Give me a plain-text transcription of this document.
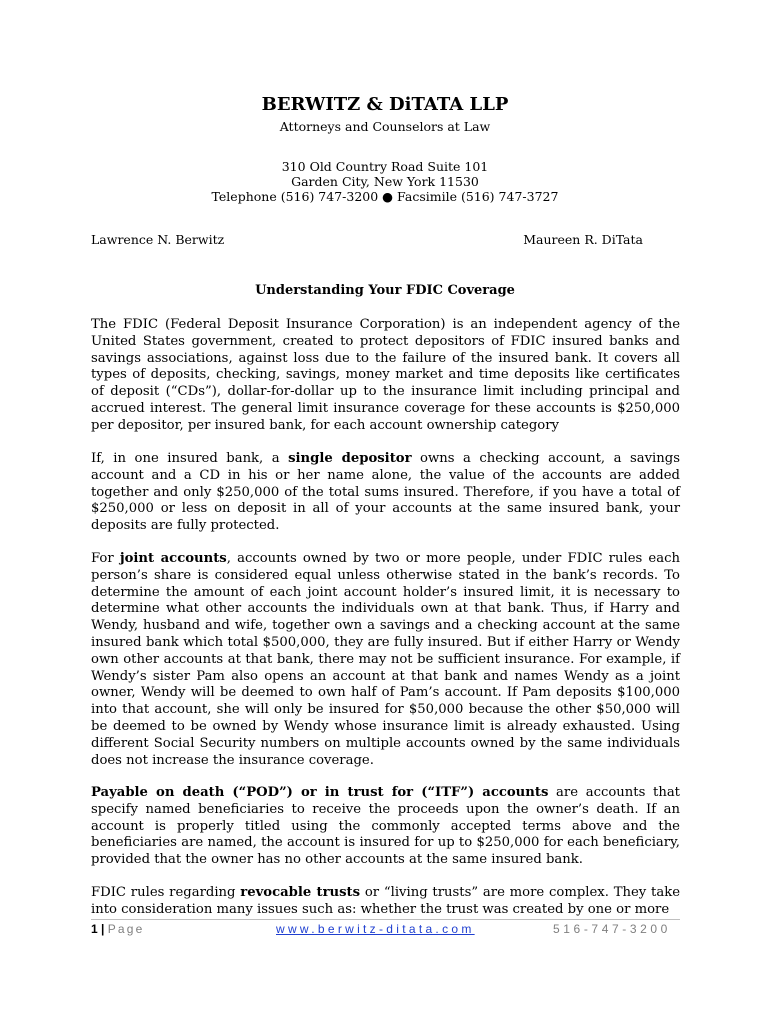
BERWITZ & DiTATA LLP

Attorneys and Counselors at Law

310 Old Country Road Suite 101

Garden City, New York 11530

Telephone (516) 747-3200 ● Facsimile (516) 747-3727

Lawrence N. Berwitz	Maureen R. DiTata

Understanding Your FDIC Coverage

The FDIC (Federal Deposit Insurance Corporation) is an independent agency of the United States government, created to protect depositors of FDIC insured banks and savings associations, against loss due to the failure of the insured bank. It covers all types of deposits, checking, savings, money market and time deposits like certificates of deposit (“CDs”), dollar-for-dollar up to the insurance limit including principal and accrued interest. The general limit insurance coverage for these accounts is $250,000 per depositor, per insured bank, for each account ownership category

If, in one insured bank, a single depositor owns a checking account, a savings account and a CD in his or her name alone, the value of the accounts are added together and only $250,000 of the total sums insured. Therefore, if you have a total of $250,000 or less on deposit in all of your accounts at the same insured bank, your deposits are fully protected.

For joint accounts, accounts owned by two or more people, under FDIC rules each person’s share is considered equal unless otherwise stated in the bank’s records. To determine the amount of each joint account holder’s insured limit, it is necessary to determine what other accounts the individuals own at that bank. Thus, if Harry and Wendy, husband and wife, together own a savings and a checking account at the same insured bank which total $500,000, they are fully insured. But if either Harry or Wendy own other accounts at that bank, there may not be sufficient insurance. For example, if Wendy’s sister Pam also opens an account at that bank and names Wendy as a joint owner, Wendy will be deemed to own half of Pam’s account. If Pam deposits $100,000 into that account, she will only be insured for $50,000 because the other $50,000 will be deemed to be owned by Wendy whose insurance limit is already exhausted. Using different Social Security numbers on multiple accounts owned by the same individuals does not increase the insurance coverage.

Payable on death (“POD”) or in trust for (“ITF”) accounts are accounts that specify named beneficiaries to receive the proceeds upon the owner’s death. If an account is properly titled using the commonly accepted terms above and the beneficiaries are named, the account is insured for up to $250,000 for each beneficiary, provided that the owner has no other accounts at the same insured bank.

FDIC rules regarding revocable trusts or “living trusts” are more complex. They take into consideration many issues such as: whether the trust was created by one or more

1 | Page	www.berwitz-ditata.com	516-747-3200
